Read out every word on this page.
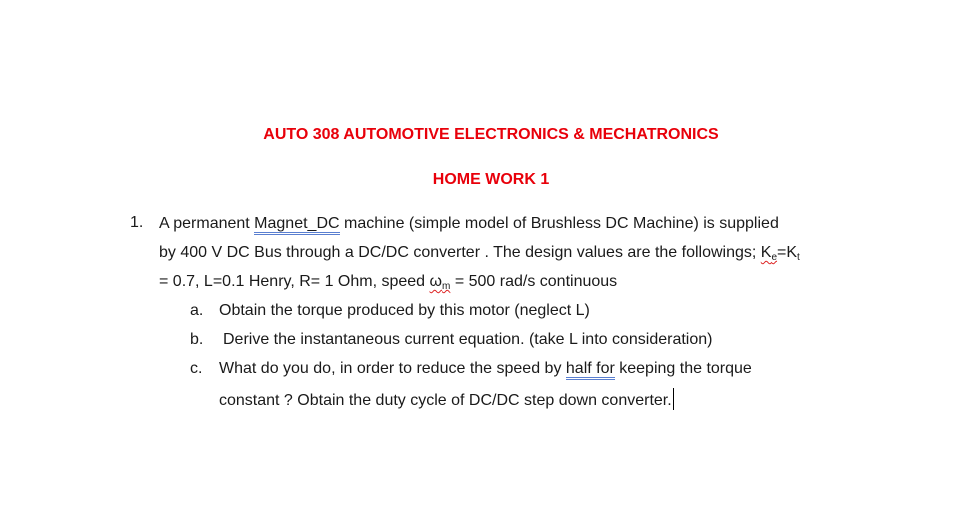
AUTO 308 AUTOMOTIVE ELECTRONICS & MECHATRONICS
HOME WORK 1
1. A permanent Magnet_DC machine (simple model of Brushless DC Machine) is supplied
by 400 V DC Bus through a DC/DC converter . The design values are the followings; $K_e=K_t$
= 0.7, L=0.1 Henry, R= 1 Ohm, speed $\omega_m = 500$ rad/s continuous
a. Obtain the torque produced by this motor (neglect L)
b. Derive the instantaneous current equation. (take L into consideration)
c. What do you do, in order to reduce the speed by half for keeping the torque
constant ? Obtain the duty cycle of DC/DC step down converter.
